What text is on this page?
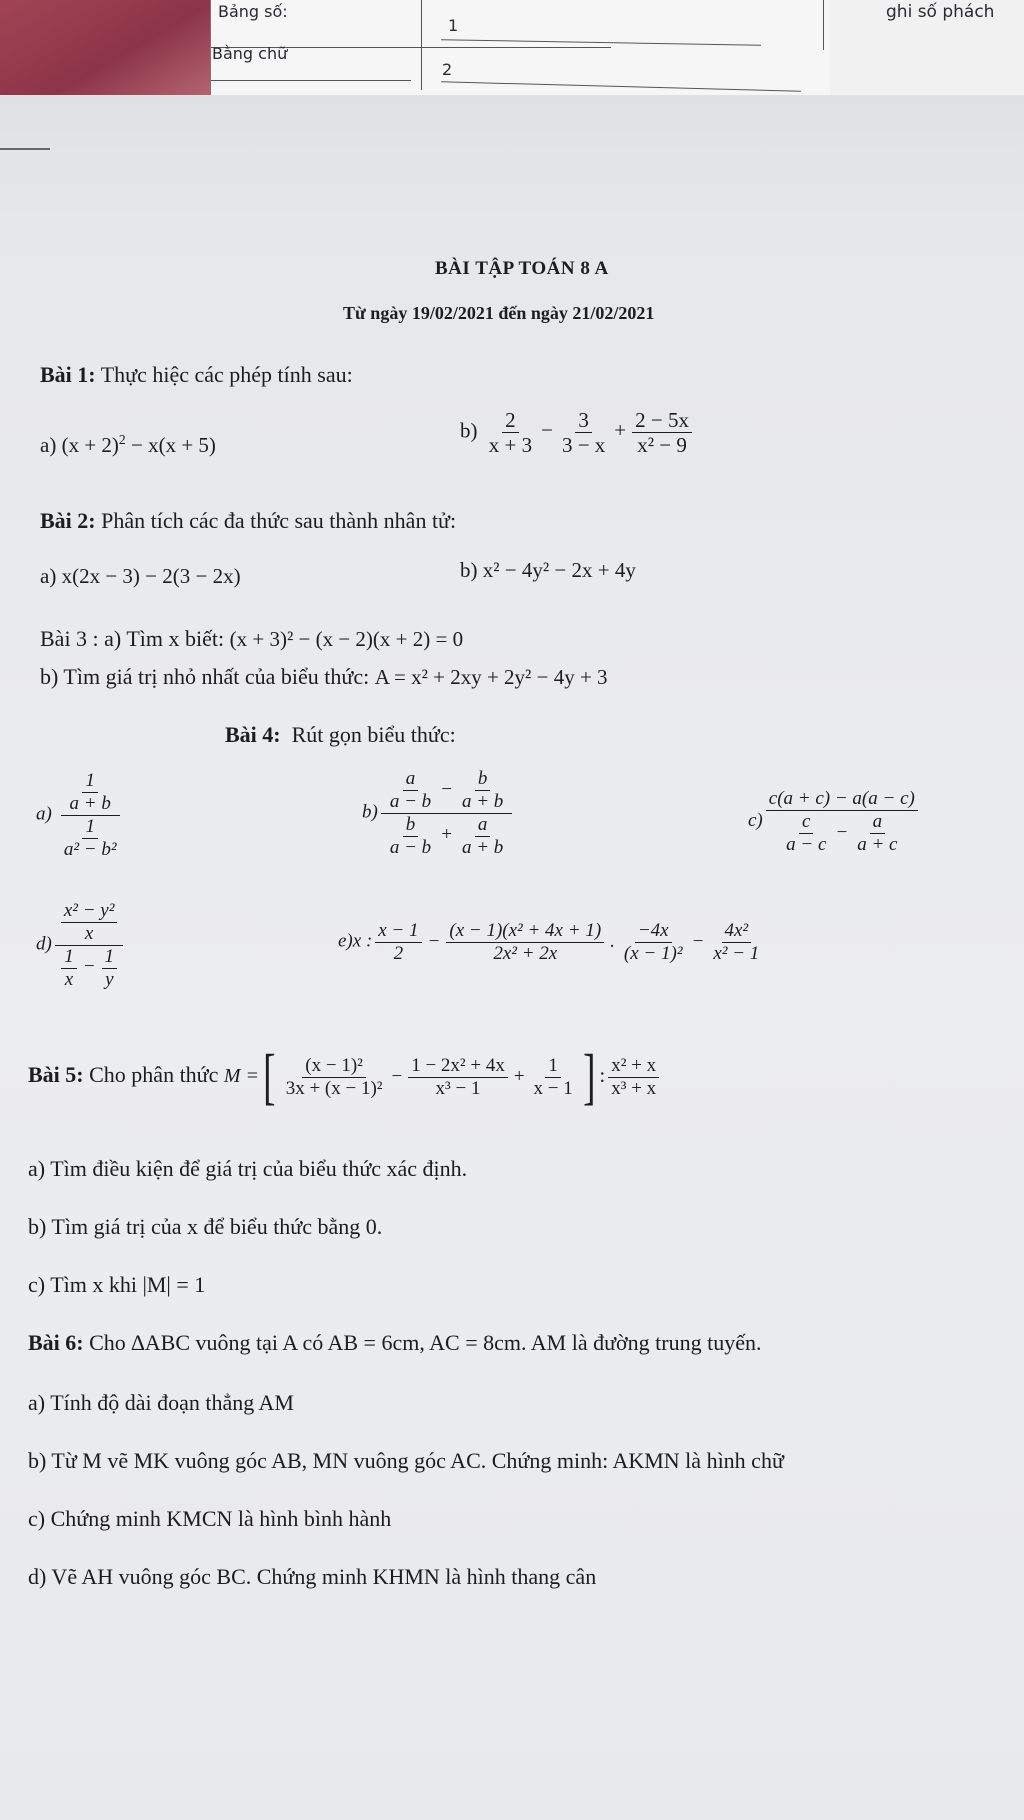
Bảng số:
Bằng chữ
1
2
ghi số phách
BÀI TẬP TOÁN 8 A
Từ ngày 19/02/2021 đến ngày 21/02/2021
Bài 1: Thực hiệc các phép tính sau:
a) $(x + 2)^2 - x(x + 5)$
$b) \frac{2}{x + 3} - \frac{3}{3 - x} + \frac{2 - 5x}{\text{x² − 9}}$
Bài 2: Phân tích các đa thức sau thành nhân tử:
a) x(2x − 3) − 2(3 − 2x)	b) x² − 4y² − 2x + 4y
Bài 3 : a) Tìm x biết: (x + 3)² − (x − 2)(x + 2) = 0
b) Tìm giá trị nhỏ nhất của biểu thức: A = x² + 2xy + 2y² − 4y + 3
Bài 4: Rút gọn biểu thức:
$a) \frac{\frac{1}{a + b}}{\frac{1}{\text{a² − b²}}}$	$b) \frac{\frac{a}{a - b} - \frac{b}{a + b}}{\frac{b}{a - b} + \frac{a}{a + b}}$	$c) \frac{c(a + c) - a(a - c)}{\frac{c}{a - c} - \frac{a}{a + c}}$
$d) \frac{\frac{\text{x² − y²}}{x}}{\frac{1}{x} - \frac{1}{y}}$	e)x : $\frac{x - 1}{2} - \frac{\text{(x − 1)(x² + 4x + 1)}}{\text{2x² + 2x}}$ . $\frac{-4x}{\text{(x − 1)²}} - \frac{\text{4x²}}{\text{x² − 1}}$
Bài 5: Cho phân thức M =[ $\frac{\text{(x − 1)²}}{\text{3x + (x − 1)²}} - \frac{\text{1 − 2x² + 4x}}{\text{x³ − 1}} + \frac{1}{x - 1}$ ] : $\frac{\text{x² + x}}{\text{x³ + x}}$
a) Tìm điều kiện để giá trị của biểu thức xác định.
b) Tìm giá trị của x để biểu thức bằng 0.
c) Tìm x khi |M| = 1
Bài 6: Cho ∆ABC vuông tại A có AB = 6cm, AC = 8cm. AM là đường trung tuyến.
a) Tính độ dài đoạn thẳng AM
b) Từ M vẽ MK vuông góc AB, MN vuông góc AC. Chứng minh: AKMN là hình chữ
c) Chứng minh KMCN là hình bình hành
d) Vẽ AH vuông góc BC. Chứng minh KHMN là hình thang cân
